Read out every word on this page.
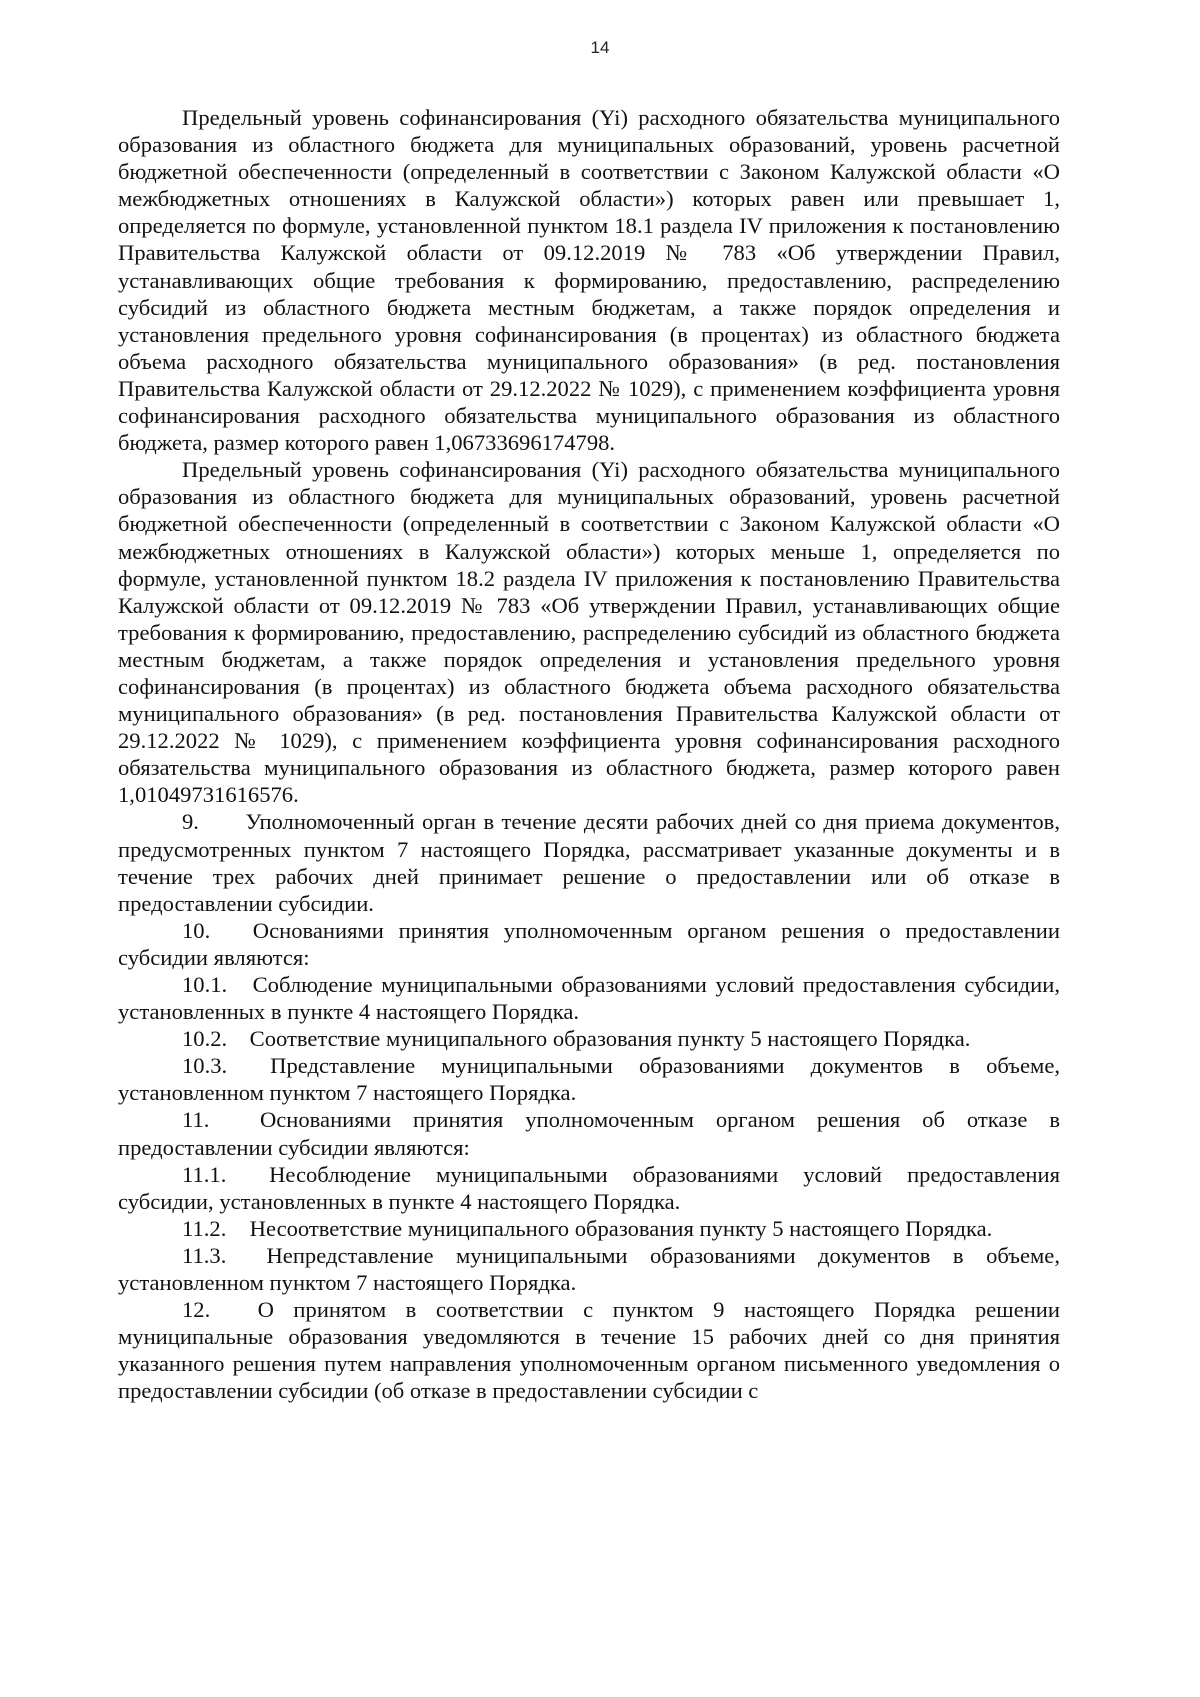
14

Предельный уровень софинансирования (Yi) расходного обязательства муниципального образования из областного бюджета для муниципальных образований, уровень расчетной бюджетной обеспеченности (определенный в соответствии с Законом Калужской области «О межбюджетных отношениях в Калужской области») которых равен или превышает 1, определяется по формуле, установленной пунктом 18.1 раздела IV приложения к постановлению Правительства Калужской области от 09.12.2019 № 783 «Об утверждении Правил, устанавливающих общие требования к формированию, предоставлению, распределению субсидий из областного бюджета местным бюджетам, а также порядок определения и установления предельного уровня софинансирования (в процентах) из областного бюджета объема расходного обязательства муниципального образования» (в ред. постановления Правительства Калужской области от 29.12.2022 № 1029), с применением коэффициента уровня софинансирования расходного обязательства муниципального образования из областного бюджета, размер которого равен 1,06733696174798.

Предельный уровень софинансирования (Yi) расходного обязательства муниципального образования из областного бюджета для муниципальных образований, уровень расчетной бюджетной обеспеченности (определенный в соответствии с Законом Калужской области «О межбюджетных отношениях в Калужской области») которых меньше 1, определяется по формуле, установленной пунктом 18.2 раздела IV приложения к постановлению Правительства Калужской области от 09.12.2019 № 783 «Об утверждении Правил, устанавливающих общие требования к формированию, предоставлению, распределению субсидий из областного бюджета местным бюджетам, а также порядок определения и установления предельного уровня софинансирования (в процентах) из областного бюджета объема расходного обязательства муниципального образования» (в ред. постановления Правительства Калужской области от 29.12.2022 № 1029), с применением коэффициента уровня софинансирования расходного обязательства муниципального образования из областного бюджета, размер которого равен 1,01049731616576.

9. Уполномоченный орган в течение десяти рабочих дней со дня приема документов, предусмотренных пунктом 7 настоящего Порядка, рассматривает указанные документы и в течение трех рабочих дней принимает решение о предоставлении или об отказе в предоставлении субсидии.

10. Основаниями принятия уполномоченным органом решения о предоставлении субсидии являются:

10.1. Соблюдение муниципальными образованиями условий предоставления субсидии, установленных в пункте 4 настоящего Порядка.

10.2. Соответствие муниципального образования пункту 5 настоящего Порядка.

10.3. Представление муниципальными образованиями документов в объеме, установленном пунктом 7 настоящего Порядка.

11. Основаниями принятия уполномоченным органом решения об отказе в предоставлении субсидии являются:

11.1. Несоблюдение муниципальными образованиями условий предоставления субсидии, установленных в пункте 4 настоящего Порядка.

11.2. Несоответствие муниципального образования пункту 5 настоящего Порядка.

11.3. Непредставление муниципальными образованиями документов в объеме, установленном пунктом 7 настоящего Порядка.

12. О принятом в соответствии с пунктом 9 настоящего Порядка решении муниципальные образования уведомляются в течение 15 рабочих дней со дня принятия указанного решения путем направления уполномоченным органом письменного уведомления о предоставлении субсидии (об отказе в предоставлении субсидии с
